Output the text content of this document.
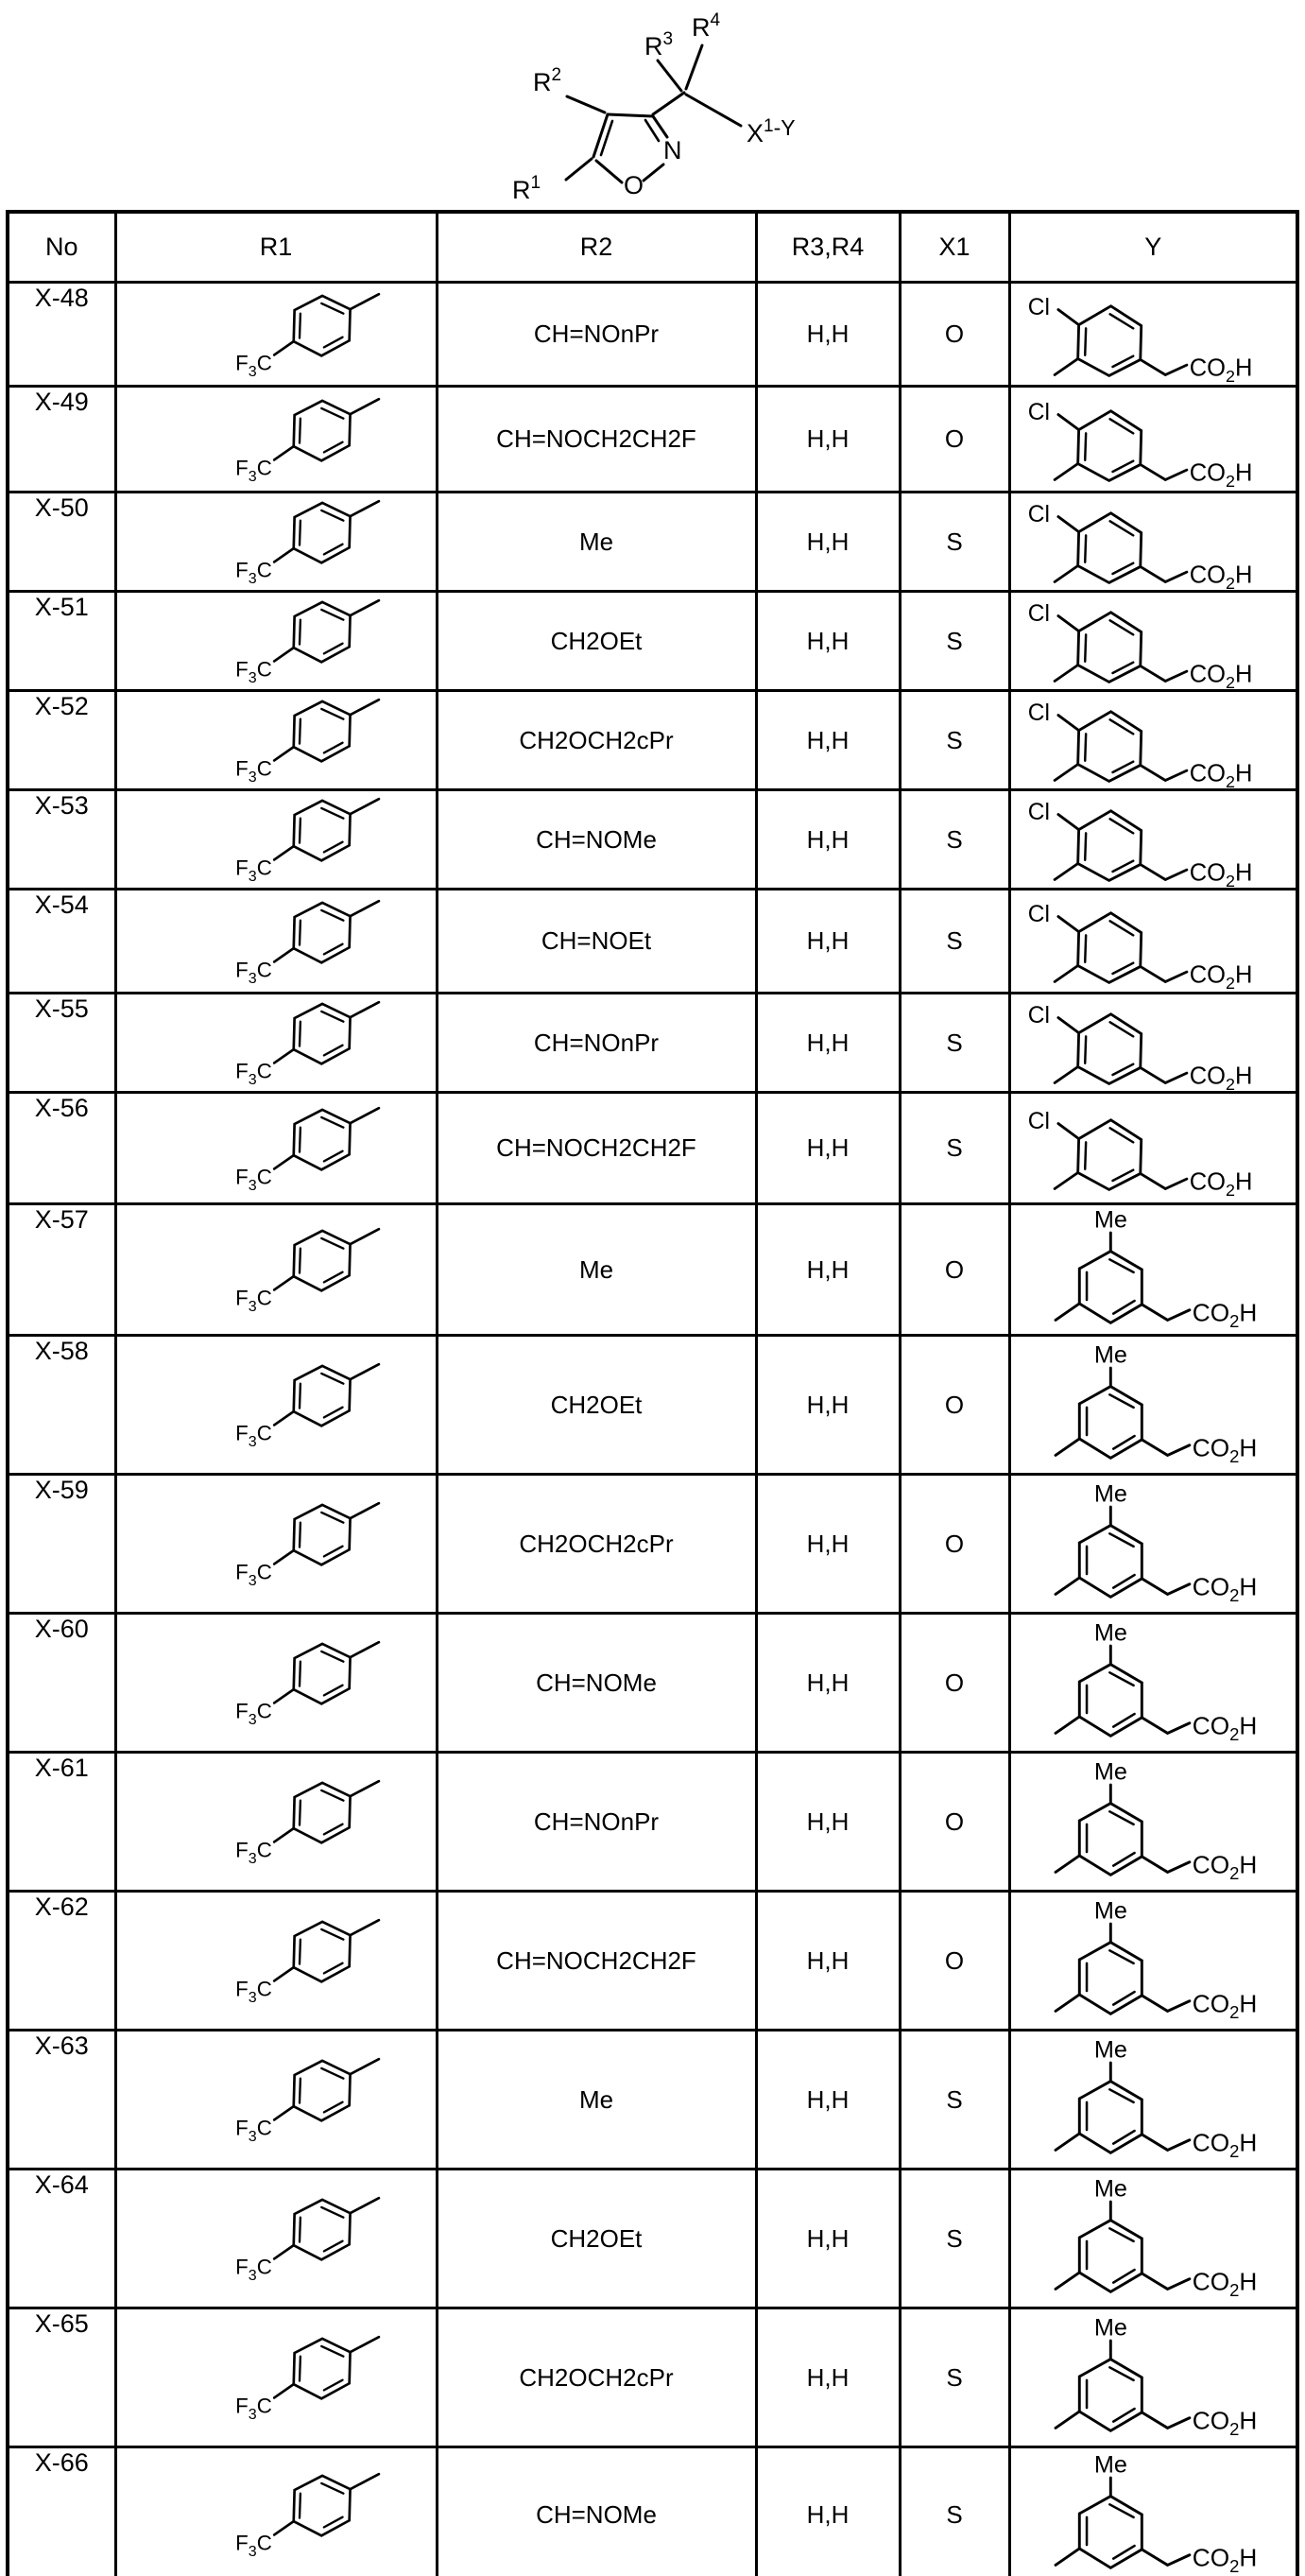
$R^3$ $R^4$
$R^2$
$R^1$
$X^1-Y$
N
O
No	R1	R2	R3,R4	X1	Y
X-48	$F_3C$	CH=NOnPr	H,H	O	Cl
$CO_2H$

X-49	$F_3C$	CH=NOCH2CH2F	H,H	O	Cl
$CO_2H$

X-50	$F_3C$	Me	H,H	S	Cl
$CO_2H$

X-51	$F_3C$	CH2OEt	H,H	S	Cl
$CO_2H$

X-52	$F_3C$	CH2OCH2cPr	H,H	S	Cl
$CO_2H$

X-53	$F_3C$	CH=NOMe	H,H	S	Cl
$CO_2H$

X-54	$F_3C$	CH=NOEt	H,H	S	Cl
$CO_2H$

X-55	$F_3C$	CH=NOnPr	H,H	S	Cl
$CO_2H$

X-56	$F_3C$	CH=NOCH2CH2F	H,H	S	Cl
$CO_2H$

X-57	$F_3C$	Me	H,H	O	Me
$CO_2H$

X-58	$F_3C$	CH2OEt	H,H	O	Me
$CO_2H$

X-59	$F_3C$	CH2OCH2cPr	H,H	O	Me
$CO_2H$

X-60	$F_3C$	CH=NOMe	H,H	O	Me
$CO_2H$

X-61	$F_3C$	CH=NOnPr	H,H	O	Me
$CO_2H$

X-62	$F_3C$	CH=NOCH2CH2F	H,H	O	Me
$CO_2H$

X-63	$F_3C$	Me	H,H	S	Me
$CO_2H$

X-64	$F_3C$	CH2OEt	H,H	S	Me
$CO_2H$

X-65	$F_3C$	CH2OCH2cPr	H,H	S	Me
$CO_2H$

X-66	$F_3C$	CH=NOMe	H,H	S	Me
$CO_2H$
